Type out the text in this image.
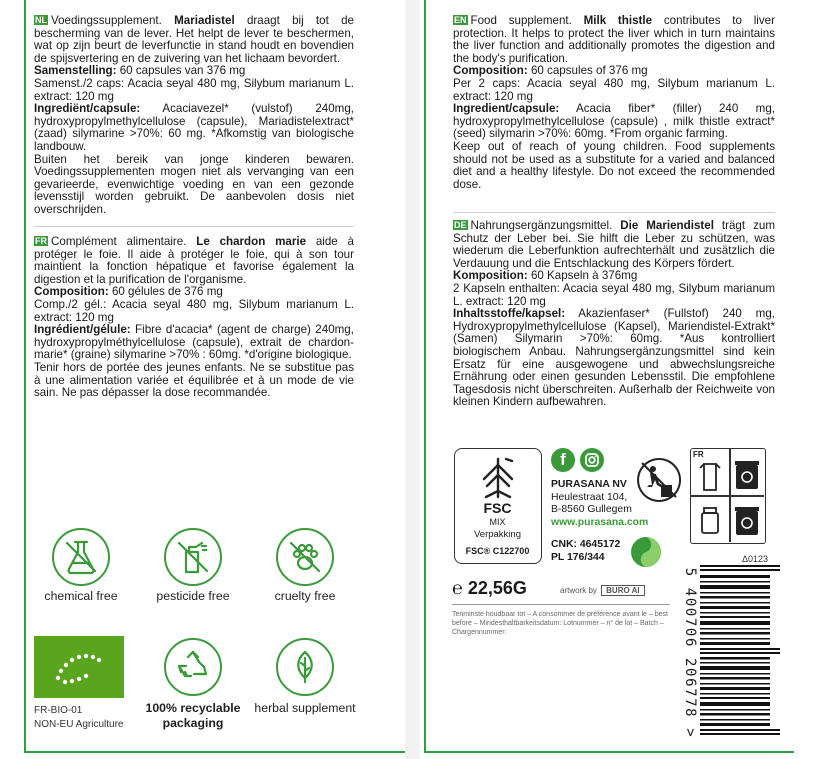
NL Voedingssupplement. Mariadistel draagt bij tot de bescherming van de lever. Het helpt de lever te beschermen, wat op zijn beurt de leverfunctie in stand houdt en bovendien de spijsvertering en de zuivering van het lichaam bevordert.

Samenstelling: 60 capsules van 376 mg

Samenst./2 caps: Acacia seyal 480 mg, Silybum marianum L. extract: 120 mg

Ingrediënt/capsule: Acaciavezel* (vulstof) 240mg, hydroxypropylmethylcellulose (capsule), Mariadistelextract* (zaad) silymarine >70%: 60 mg. *Afkomstig van biologische landbouw.

Buiten het bereik van jonge kinderen bewaren. Voedingssupplementen mogen niet als vervanging van een gevarieerde, evenwichtige voeding en van een gezonde levensstijl worden gebruikt. De aanbevolen dosis niet overschrijden.

FR Complément alimentaire. Le chardon marie aide à protéger le foie. Il aide à protéger le foie, qui à son tour maintient la fonction hépatique et favorise également la digestion et la purification de l'organisme.

Composition: 60 gélules de 376 mg

Comp./2 gél.: Acacia seyal 480 mg, Silybum marianum L. extract: 120 mg

Ingrédient/gélule: Fibre d'acacia* (agent de charge) 240mg, hydroxypropylméthylcellulose (capsule), extrait de chardon-marie* (graine) silymarine >70% : 60mg. *d'origine biologique.

Tenir hors de portée des jeunes enfants. Ne se substitue pas à une alimentation variée et équilibrée et à un mode de vie sain. Ne pas dépasser la dose recommandée.

chemical free	pesticide free	cruelty free
FR-BIO-01
NON-EU Agriculture
100% recyclable packaging
herbal supplement

EN Food supplement. Milk thistle contributes to liver protection. It helps to protect the liver which in turn maintains the liver function and additionally promotes the digestion and the body's purification.

Composition: 60 capsules of 376 mg

Per 2 caps: Acacia seyal 480 mg, Silybum marianum L. extract: 120 mg

Ingredient/capsule: Acacia fiber* (filler) 240 mg, hydroxypropylmethylcellulose (capsule) , milk thistle extract* (seed) silymarin >70%: 60mg. *From organic farming.

Keep out of reach of young children. Food supplements should not be used as a substitute for a varied and balanced diet and a healthy lifestyle. Do not exceed the recommended dose.

DE Nahrungsergänzungsmittel. Die Mariendistel trägt zum Schutz der Leber bei. Sie hilft die Leber zu schützen, was wiederum die Leberfunktion aufrechterhält und zusätzlich die Verdauung und die Entschlackung des Körpers fördert.

Komposition: 60 Kapseln à 376mg

2 Kapseln enthalten: Acacia seyal 480 mg, Silybum marianum L. extract: 120 mg

Inhaltsstoffe/kapsel: Akazienfaser* (Fullstof) 240 mg, Hydroxypropylmethylcellulose (Kapsel), Mariendistel-Extrakt* (Samen) Silymarin >70%: 60mg. *Aus kontrolliert biologischem Anbau. Nahrungsergänzungsmittel sind kein Ersatz für eine ausgewogene und abwechslungsreiche Ernährung oder einen gesunden Lebensstil. Die empfohlene Tagesdosis nicht überschreiten. Außerhalb der Reichweite von kleinen Kindern aufbewahren.

FSC
MIX
Verpakking
FSC® C122700
f
PURASANA NV
Heulestraat 104,
B-8560 Gullegem
www.purasana.com
CNK: 4645172
PL 176/344
FR
Δ0123
℮ 22,56G	artwork by BURO AI
Tenminste houdbaar tot – A consommer de préférence avant le – best before – Mindesthaltbarkeitsdatum: Lotnummer – n° de lot – Batch – Chargennummer:	5 400706 206778 >
